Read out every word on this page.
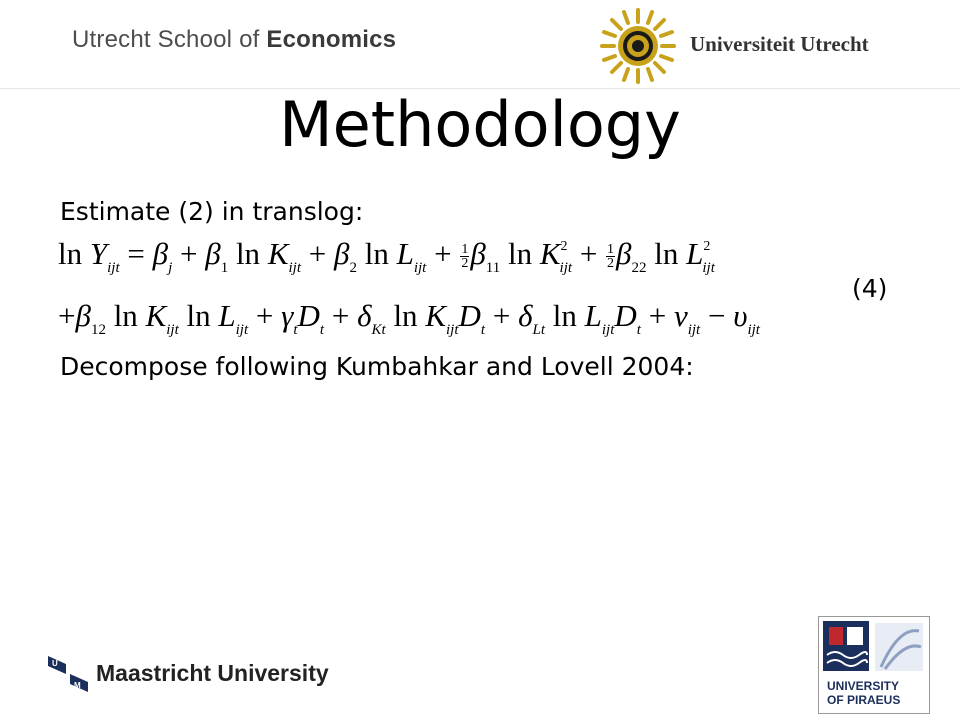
Utrecht School of Economics	Universiteit Utrecht
Methodology
Estimate (2) in translog:
$\ln Y_{ijt} = \beta_j + \beta_1$ $\ln K_{ijt} + \beta_2$ $\ln L_{ijt} + \frac{1}{2} \beta_{11}$ $\ln K^2_{ijt} + \frac{1}{2} \beta_{22}$ $\ln L^2_{ijt}$
(4)
$+\beta_{12}$ $\ln K_{ijt}$ $\ln L_{ijt} + \gamma_tD_t + \delta_{Kt}$ $\ln K_{ijt}D_t + \delta_{Lt}$ $\ln L_{ijt}D_t + \nu_{ijt} - \upsilon_{ijt}$
Decompose following Kumbahkar and Lovell 2004:
U
M Maastricht University	UNIVERSITY
OF PIRAEUS
